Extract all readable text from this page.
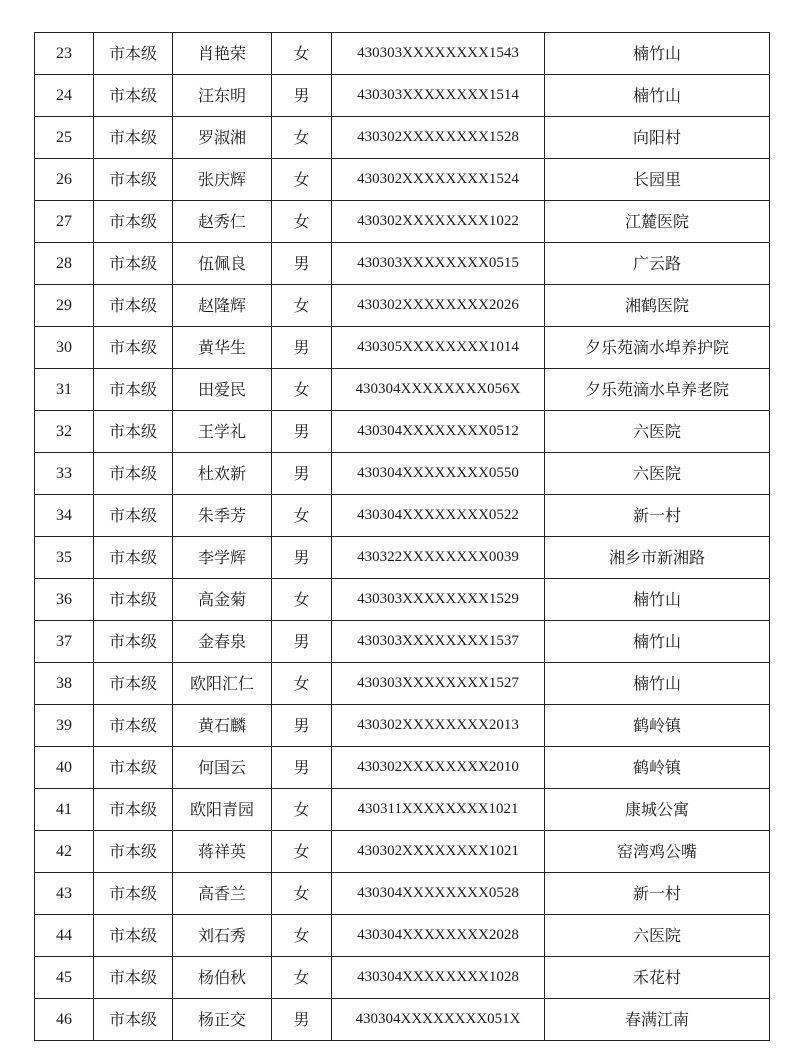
23	市本级	肖艳荣	女	430303XXXXXXXX1543	楠竹山
24	市本级	汪东明	男	430303XXXXXXXX1514	楠竹山
25	市本级	罗淑湘	女	430302XXXXXXXX1528	向阳村
26	市本级	张庆辉	女	430302XXXXXXXX1524	长园里
27	市本级	赵秀仁	女	430302XXXXXXXX1022	江麓医院
28	市本级	伍佩良	男	430303XXXXXXXX0515	广云路
29	市本级	赵隆辉	女	430302XXXXXXXX2026	湘鹤医院
30	市本级	黄华生	男	430305XXXXXXXX1014	夕乐苑滴水埠养护院
31	市本级	田爱民	女	430304XXXXXXXX056X	夕乐苑滴水阜养老院
32	市本级	王学礼	男	430304XXXXXXXX0512	六医院
33	市本级	杜欢新	男	430304XXXXXXXX0550	六医院
34	市本级	朱季芳	女	430304XXXXXXXX0522	新一村
35	市本级	李学辉	男	430322XXXXXXXX0039	湘乡市新湘路
36	市本级	高金菊	女	430303XXXXXXXX1529	楠竹山
37	市本级	金春泉	男	430303XXXXXXXX1537	楠竹山
38	市本级	欧阳汇仁	女	430303XXXXXXXX1527	楠竹山
39	市本级	黄石麟	男	430302XXXXXXXX2013	鹤岭镇
40	市本级	何国云	男	430302XXXXXXXX2010	鹤岭镇
41	市本级	欧阳青园	女	430311XXXXXXXX1021	康城公寓
42	市本级	蒋祥英	女	430302XXXXXXXX1021	窑湾鸡公嘴
43	市本级	高香兰	女	430304XXXXXXXX0528	新一村
44	市本级	刘石秀	女	430304XXXXXXXX2028	六医院
45	市本级	杨伯秋	女	430304XXXXXXXX1028	禾花村
46	市本级	杨正交	男	430304XXXXXXXX051X	春满江南
